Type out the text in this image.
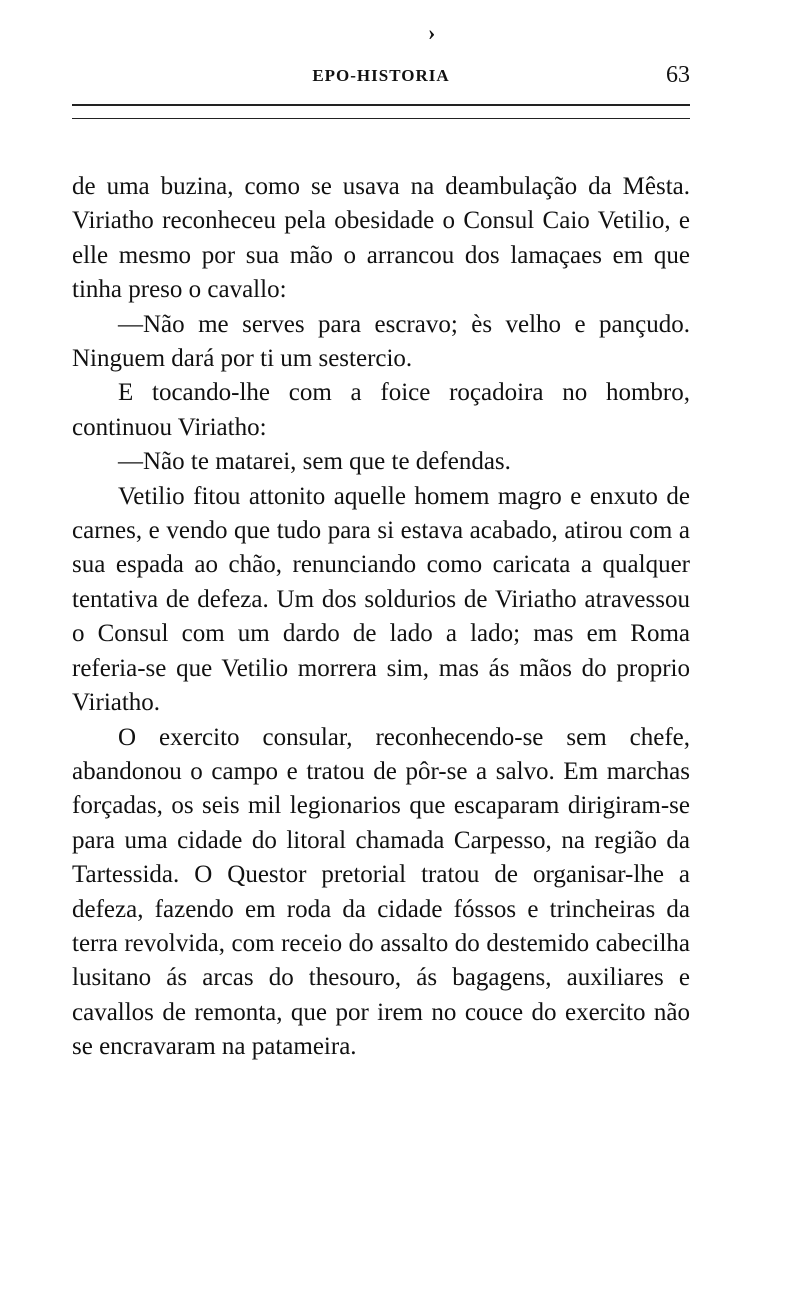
›
EPO-HISTORIA	63

de uma buzina, como se usava na deambulação da Mêsta. Viriatho reconheceu pela obesidade o Consul Caio Vetilio, e elle mesmo por sua mão o arrancou dos lamaçaes em que tinha preso o cavallo:

—Não me serves para escravo; ès velho e pançudo. Ninguem dará por ti um sestercio.

E tocando-lhe com a foice roçadoira no hombro, continuou Viriatho:

—Não te matarei, sem que te defendas.

Vetilio fitou attonito aquelle homem magro e enxuto de carnes, e vendo que tudo para si estava acabado, atirou com a sua espada ao chão, renunciando como caricata a qualquer tentativa de defeza. Um dos soldurios de Viriatho atravessou o Consul com um dardo de lado a lado; mas em Roma referia-se que Vetilio morrera sim, mas ás mãos do proprio Viriatho.

O exercito consular, reconhecendo-se sem chefe, abandonou o campo e tratou de pôr-se a salvo. Em marchas forçadas, os seis mil legionarios que escaparam dirigiram-se para uma cidade do litoral chamada Carpesso, na região da Tartessida. O Questor pretorial tratou de organisar-lhe a defeza, fazendo em roda da cidade fóssos e trincheiras da terra revolvida, com receio do assalto do destemido cabecilha lusitano ás arcas do thesouro, ás bagagens, auxiliares e cavallos de remonta, que por irem no couce do exercito não se encravaram na patameira.
